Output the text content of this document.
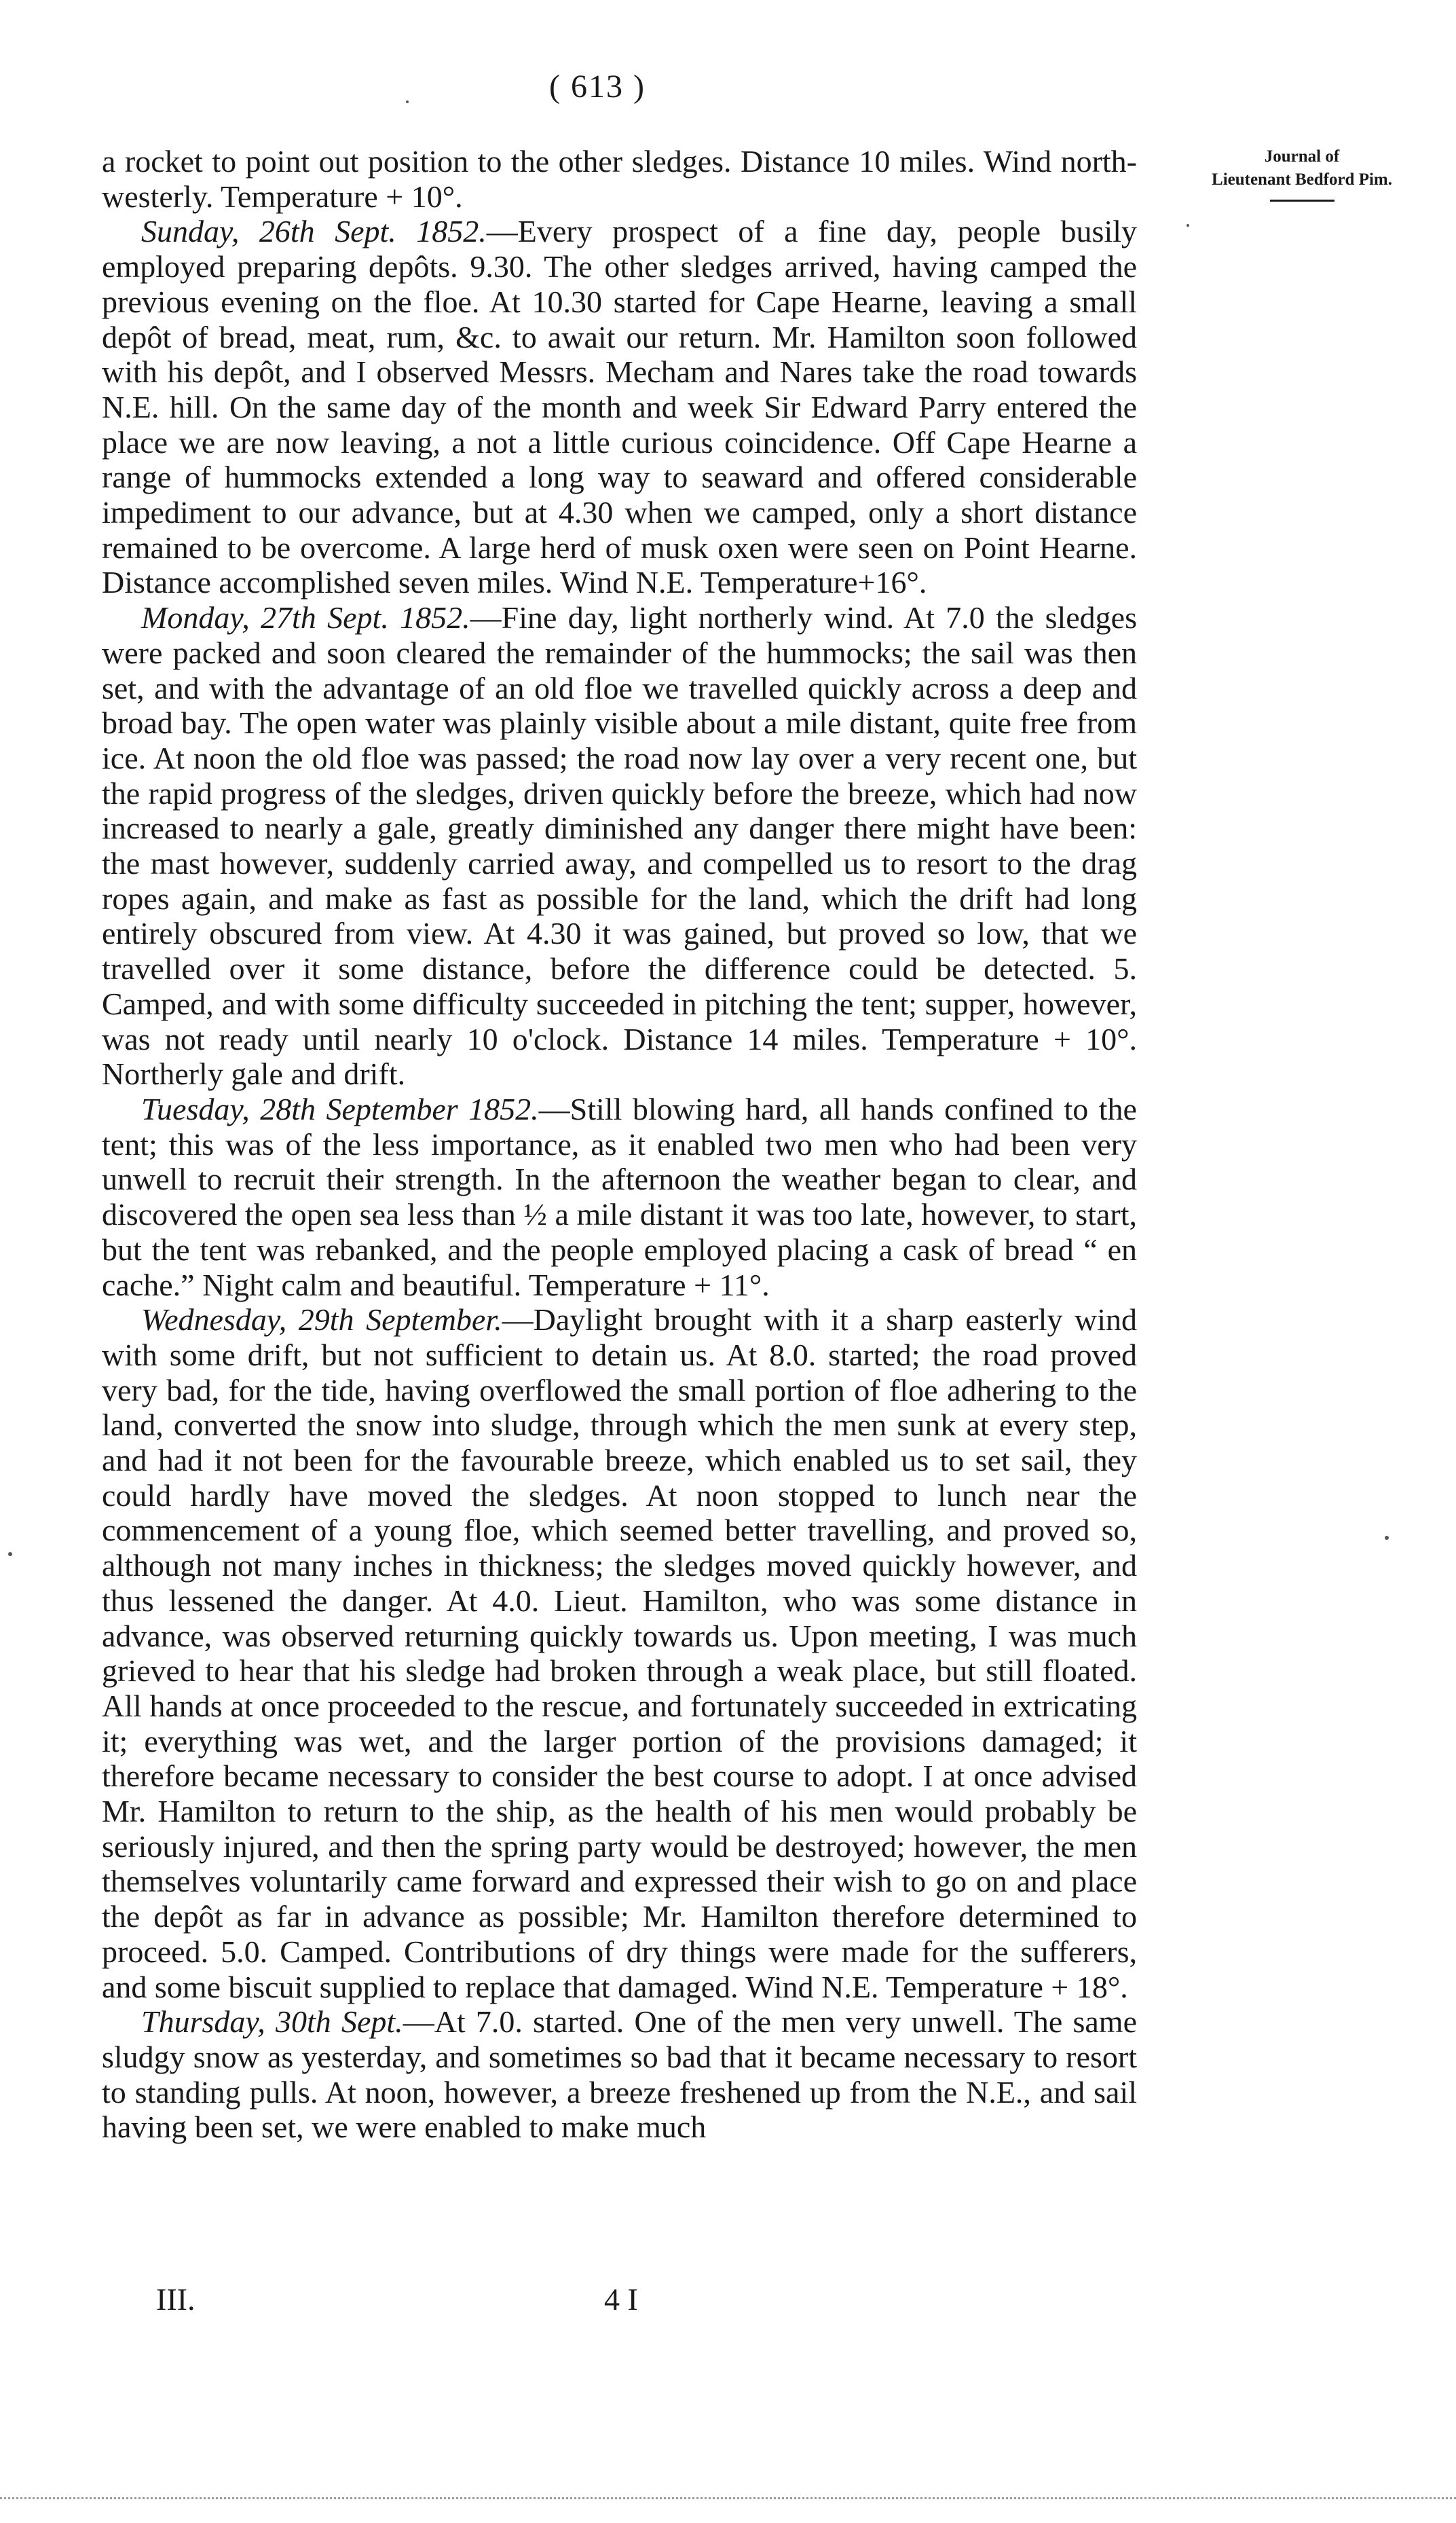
( 613 )
Journal of
Lieutenant Bedford Pim.

a rocket to point out position to the other sledges. Distance 10 miles. Wind north-westerly. Temperature + 10°.

Sunday, 26th Sept. 1852.—Every prospect of a fine day, people busily employed preparing depôts. 9.30. The other sledges arrived, having camped the previous evening on the floe. At 10.30 started for Cape Hearne, leaving a small depôt of bread, meat, rum, &c. to await our return. Mr. Hamilton soon followed with his depôt, and I observed Messrs. Mecham and Nares take the road towards N.E. hill. On the same day of the month and week Sir Edward Parry entered the place we are now leaving, a not a little curious coincidence. Off Cape Hearne a range of hummocks extended a long way to seaward and offered considerable impediment to our advance, but at 4.30 when we camped, only a short distance remained to be overcome. A large herd of musk oxen were seen on Point Hearne. Distance accomplished seven miles. Wind N.E. Temperature+16°.

Monday, 27th Sept. 1852.—Fine day, light northerly wind. At 7.0 the sledges were packed and soon cleared the remainder of the hummocks; the sail was then set, and with the advantage of an old floe we travelled quickly across a deep and broad bay. The open water was plainly visible about a mile distant, quite free from ice. At noon the old floe was passed; the road now lay over a very recent one, but the rapid progress of the sledges, driven quickly before the breeze, which had now increased to nearly a gale, greatly diminished any danger there might have been: the mast however, suddenly carried away, and compelled us to resort to the drag ropes again, and make as fast as possible for the land, which the drift had long entirely obscured from view. At 4.30 it was gained, but proved so low, that we travelled over it some distance, before the difference could be detected. 5. Camped, and with some difficulty succeeded in pitching the tent; supper, however, was not ready until nearly 10 o'clock. Distance 14 miles. Temperature + 10°. Northerly gale and drift.

Tuesday, 28th September 1852.—Still blowing hard, all hands confined to the tent; this was of the less importance, as it enabled two men who had been very unwell to recruit their strength. In the afternoon the weather began to clear, and discovered the open sea less than ½ a mile distant it was too late, however, to start, but the tent was rebanked, and the people employed placing a cask of bread “ en cache.” Night calm and beautiful. Temperature + 11°.

Wednesday, 29th September.—Daylight brought with it a sharp easterly wind with some drift, but not sufficient to detain us. At 8.0. started; the road proved very bad, for the tide, having overflowed the small portion of floe adhering to the land, converted the snow into sludge, through which the men sunk at every step, and had it not been for the favourable breeze, which enabled us to set sail, they could hardly have moved the sledges. At noon stopped to lunch near the commencement of a young floe, which seemed better travelling, and proved so, although not many inches in thickness; the sledges moved quickly however, and thus lessened the danger. At 4.0. Lieut. Hamilton, who was some distance in advance, was observed returning quickly towards us. Upon meeting, I was much grieved to hear that his sledge had broken through a weak place, but still floated. All hands at once proceeded to the rescue, and fortunately succeeded in extricating it; everything was wet, and the larger portion of the provisions damaged; it therefore became necessary to consider the best course to adopt. I at once advised Mr. Hamilton to return to the ship, as the health of his men would probably be seriously injured, and then the spring party would be destroyed; however, the men themselves voluntarily came forward and expressed their wish to go on and place the depôt as far in advance as possible; Mr. Hamilton therefore determined to proceed. 5.0. Camped. Contributions of dry things were made for the sufferers, and some biscuit supplied to replace that damaged. Wind N.E. Temperature + 18°.

Thursday, 30th Sept.—At 7.0. started. One of the men very unwell. The same sludgy snow as yesterday, and sometimes so bad that it became necessary to resort to standing pulls. At noon, however, a breeze freshened up from the N.E., and sail having been set, we were enabled to make much

III.	4 I
